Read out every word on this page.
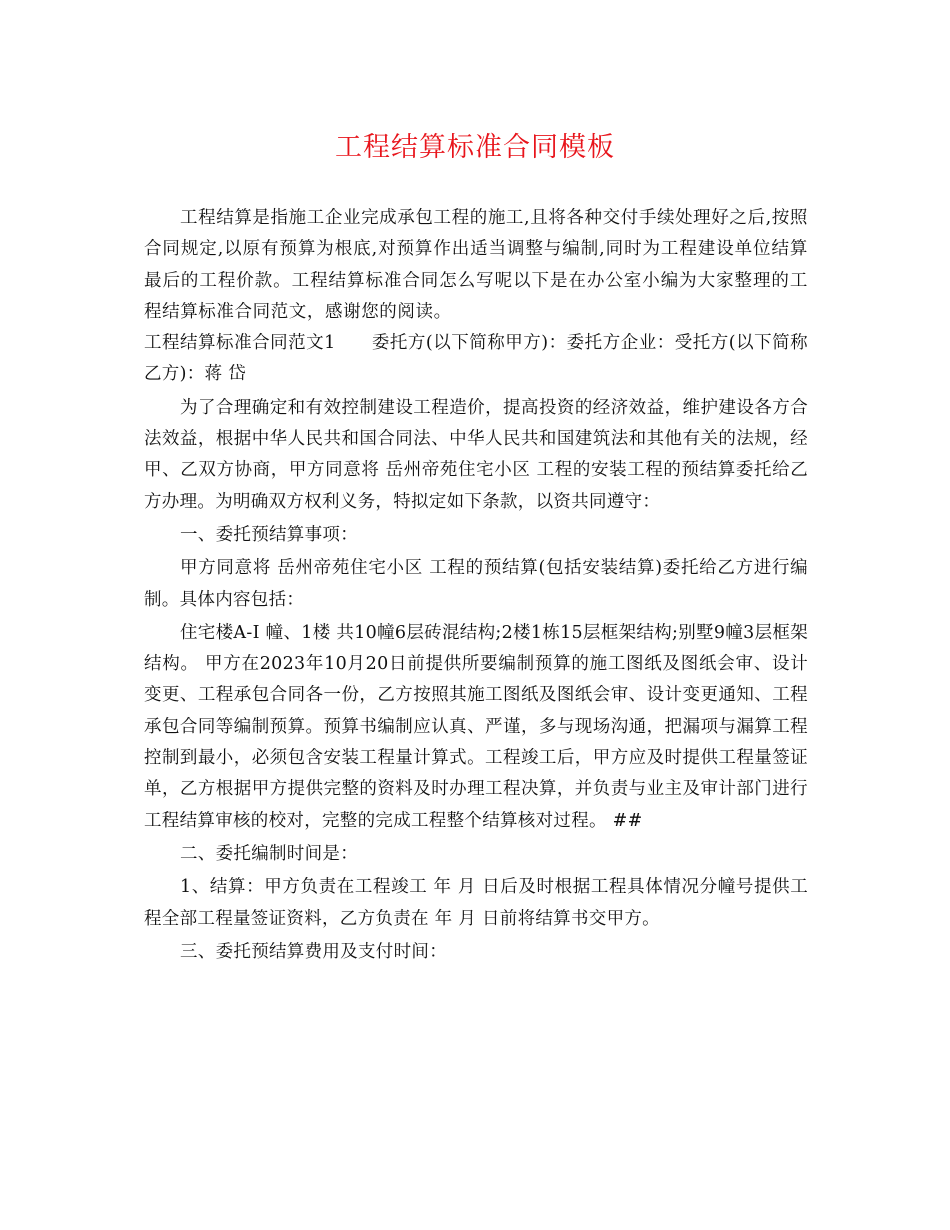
工程结算标准合同模板

工程结算是指施工企业完成承包工程的施工,且将各种交付手续处理好之后,按照合同规定,以原有预算为根底,对预算作出适当调整与编制,同时为工程建设单位结算最后的工程价款。工程结算标准合同怎么写呢以下是在办公室小编为大家整理的工程结算标准合同范文，感谢您的阅读。

工程结算标准合同范文1　　委托方(以下简称甲方)：委托方企业：受托方(以下简称乙方)：蒋 岱

为了合理确定和有效控制建设工程造价，提高投资的经济效益，维护建设各方合法效益，根据中华人民共和国合同法、中华人民共和国建筑法和其他有关的法规，经甲、乙双方协商，甲方同意将 岳州帝苑住宅小区 工程的安装工程的预结算委托给乙方办理。为明确双方权利义务，特拟定如下条款，以资共同遵守：

一、委托预结算事项：

甲方同意将 岳州帝苑住宅小区 工程的预结算(包括安装结算)委托给乙方进行编制。具体内容包括：

住宅楼A-Ⅰ 幢、1楼 共10幢6层砖混结构;2楼1栋15层框架结构;别墅9幢3层框架结构。 甲方在2023年10月20日前提供所要编制预算的施工图纸及图纸会审、设计变更、工程承包合同各一份，乙方按照其施工图纸及图纸会审、设计变更通知、工程承包合同等编制预算。预算书编制应认真、严谨，多与现场沟通，把漏项与漏算工程控制到最小，必须包含安装工程量计算式。工程竣工后，甲方应及时提供工程量签证单，乙方根据甲方提供完整的资料及时办理工程决算，并负责与业主及审计部门进行工程结算审核的校对，完整的完成工程整个结算核对过程。 ##

二、委托编制时间是：

1、结算：甲方负责在工程竣工 年 月 日后及时根据工程具体情况分幢号提供工程全部工程量签证资料，乙方负责在 年 月 日前将结算书交甲方。

三、委托预结算费用及支付时间：
